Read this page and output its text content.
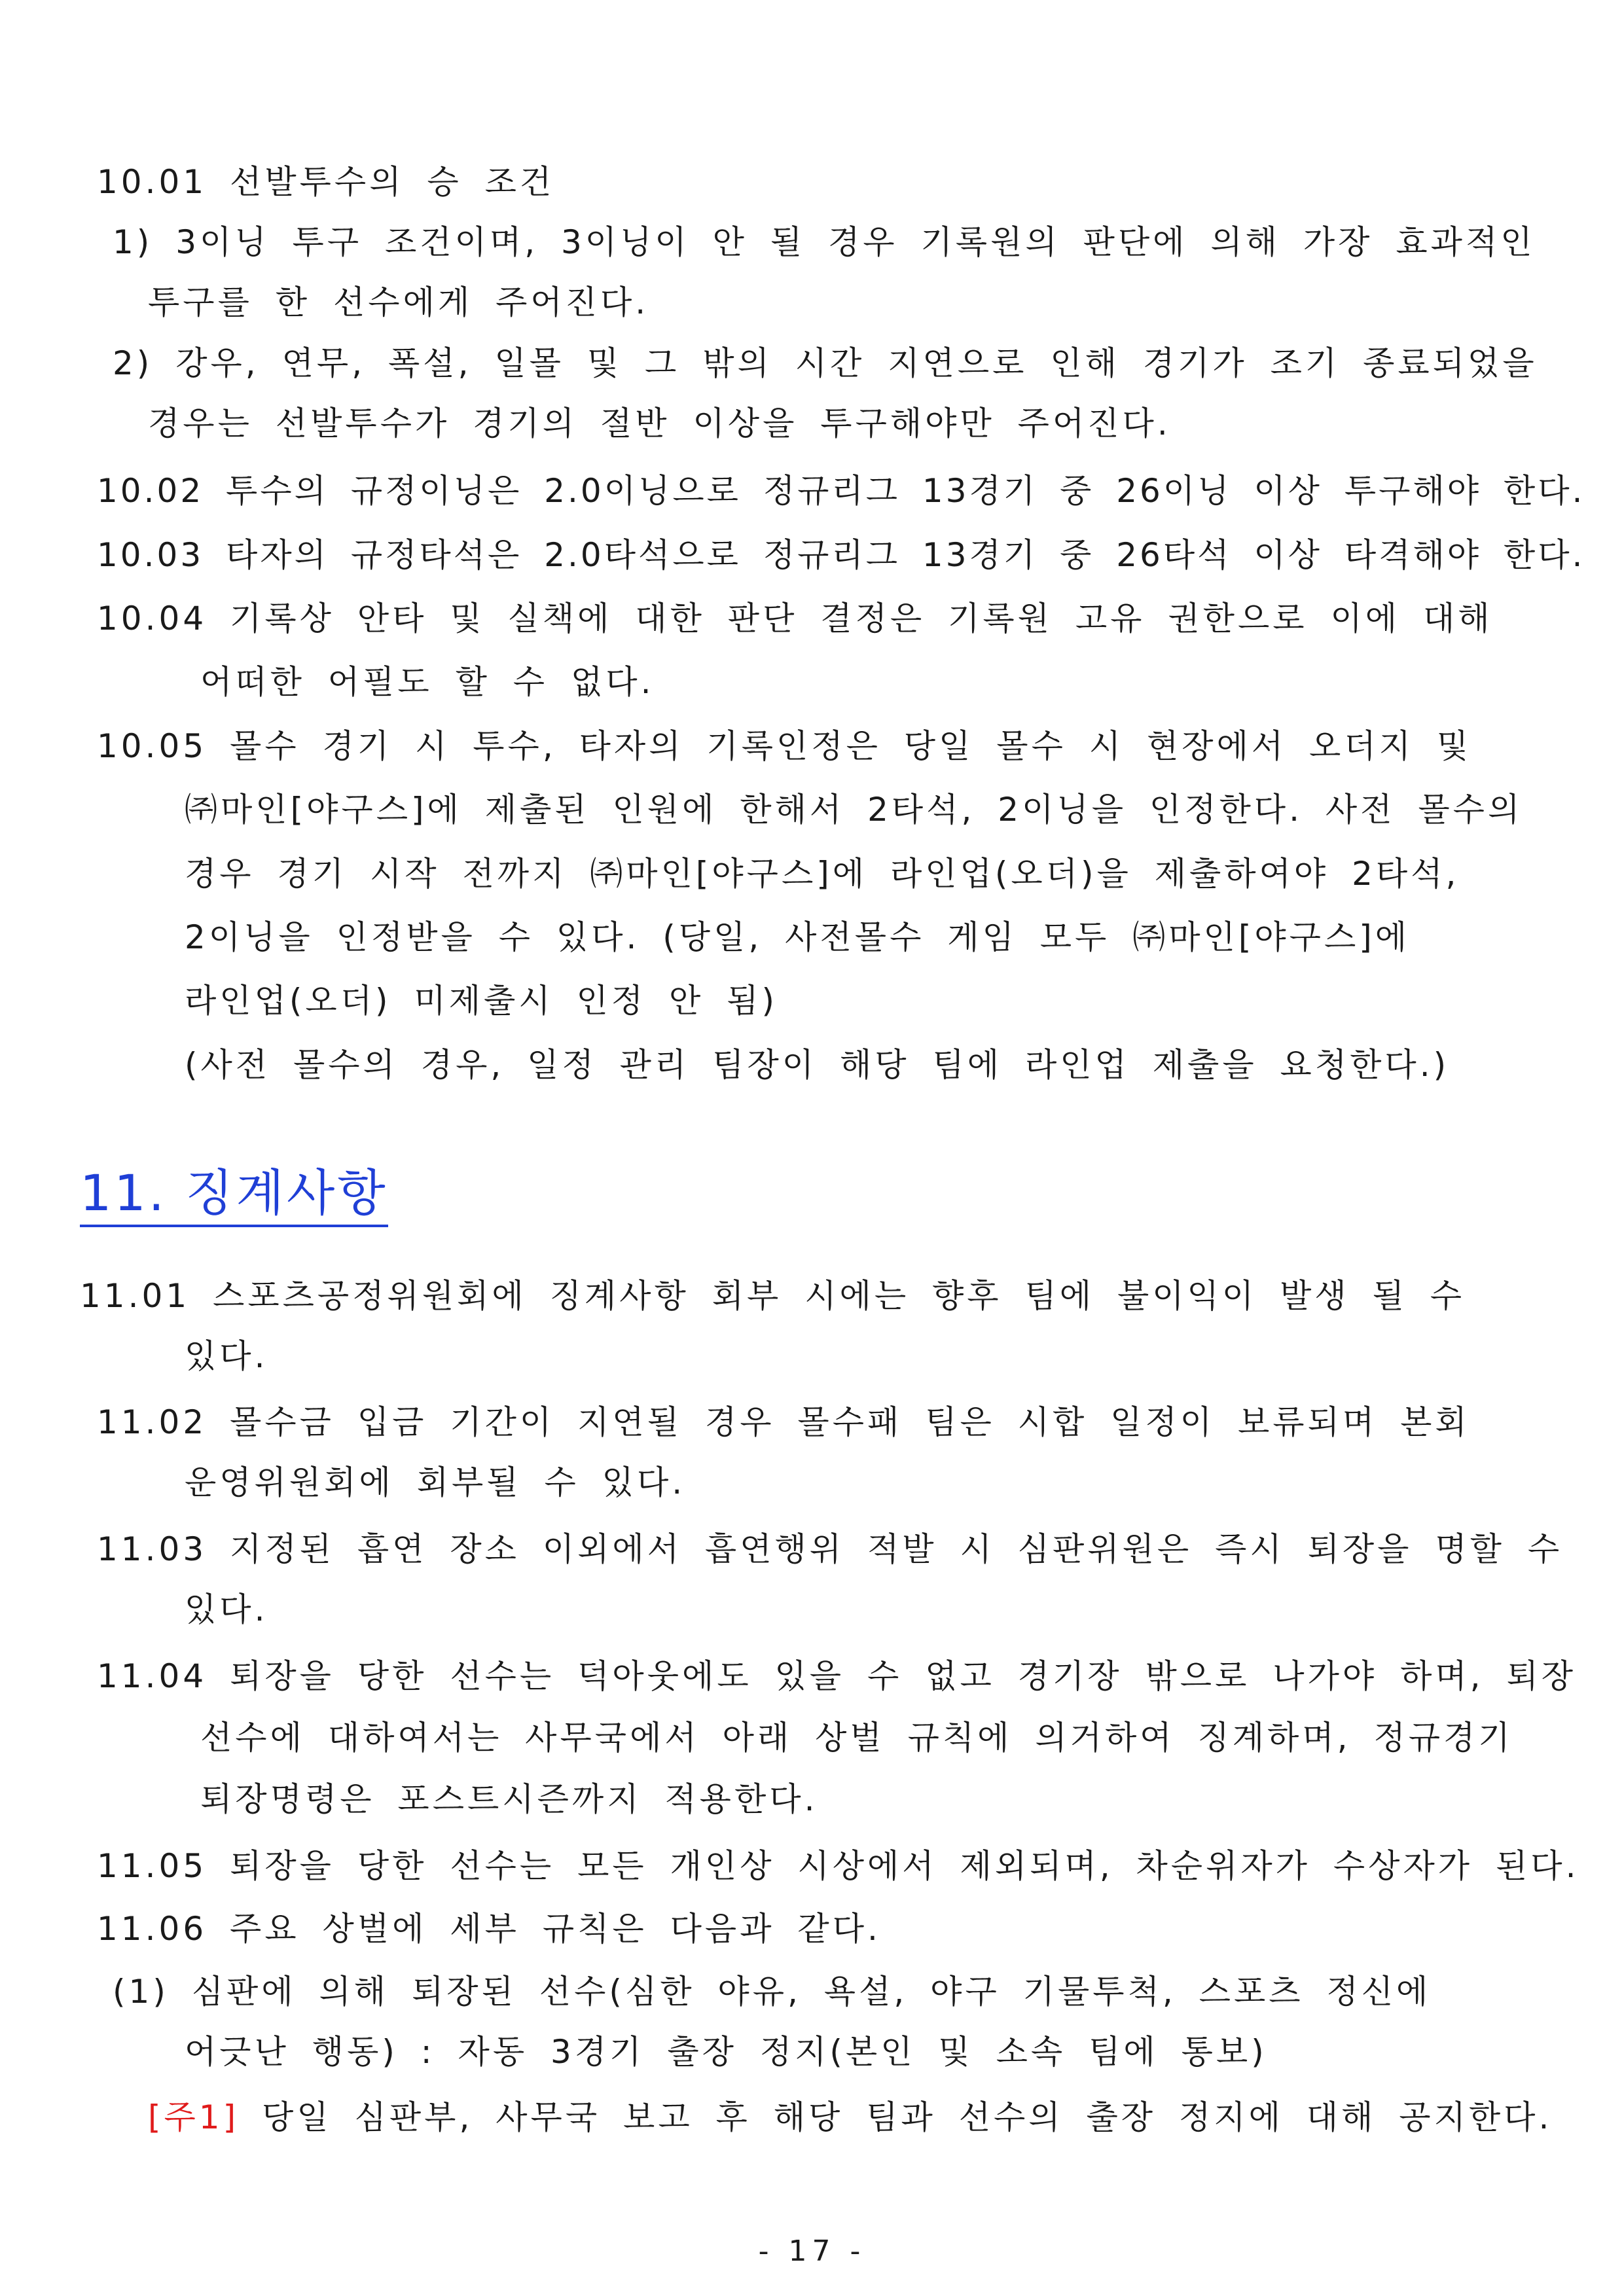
10.01 선발투수의 승 조건
1) 3이닝 투구 조건이며, 3이닝이 안 될 경우 기록원의 판단에 의해 가장 효과적인
투구를 한 선수에게 주어진다.
2) 강우, 연무, 폭설, 일몰 및 그 밖의 시간 지연으로 인해 경기가 조기 종료되었을
경우는 선발투수가 경기의 절반 이상을 투구해야만 주어진다.
10.02 투수의 규정이닝은 2.0이닝으로 정규리그 13경기 중 26이닝 이상 투구해야 한다.
10.03 타자의 규정타석은 2.0타석으로 정규리그 13경기 중 26타석 이상 타격해야 한다.
10.04 기록상 안타 및 실책에 대한 판단 결정은 기록원 고유 권한으로 이에 대해
어떠한 어필도 할 수 없다.
10.05 몰수 경기 시 투수, 타자의 기록인정은 당일 몰수 시 현장에서 오더지 및
㈜마인[야구스]에 제출된 인원에 한해서 2타석, 2이닝을 인정한다. 사전 몰수의
경우 경기 시작 전까지 ㈜마인[야구스]에 라인업(오더)을 제출하여야 2타석,
2이닝을 인정받을 수 있다. (당일, 사전몰수 게임 모두 ㈜마인[야구스]에
라인업(오더) 미제출시 인정 안 됨)
(사전 몰수의 경우, 일정 관리 팀장이 해당 팀에 라인업 제출을 요청한다.)
11. 징계사항
11.01 스포츠공정위원회에 징계사항 회부 시에는 향후 팀에 불이익이 발생 될 수
있다.
11.02 몰수금 입금 기간이 지연될 경우 몰수패 팀은 시합 일정이 보류되며 본회
운영위원회에 회부될 수 있다.
11.03 지정된 흡연 장소 이외에서 흡연행위 적발 시 심판위원은 즉시 퇴장을 명할 수
있다.
11.04 퇴장을 당한 선수는 덕아웃에도 있을 수 없고 경기장 밖으로 나가야 하며, 퇴장
선수에 대하여서는 사무국에서 아래 상벌 규칙에 의거하여 징계하며, 정규경기
퇴장명령은 포스트시즌까지 적용한다.
11.05 퇴장을 당한 선수는 모든 개인상 시상에서 제외되며, 차순위자가 수상자가 된다.
11.06 주요 상벌에 세부 규칙은 다음과 같다.
(1) 심판에 의해 퇴장된 선수(심한 야유, 욕설, 야구 기물투척, 스포츠 정신에
어긋난 행동) : 자동 3경기 출장 정지(본인 및 소속 팀에 통보)
[주1] 당일 심판부, 사무국 보고 후 해당 팀과 선수의 출장 정지에 대해 공지한다.
- 17 -
